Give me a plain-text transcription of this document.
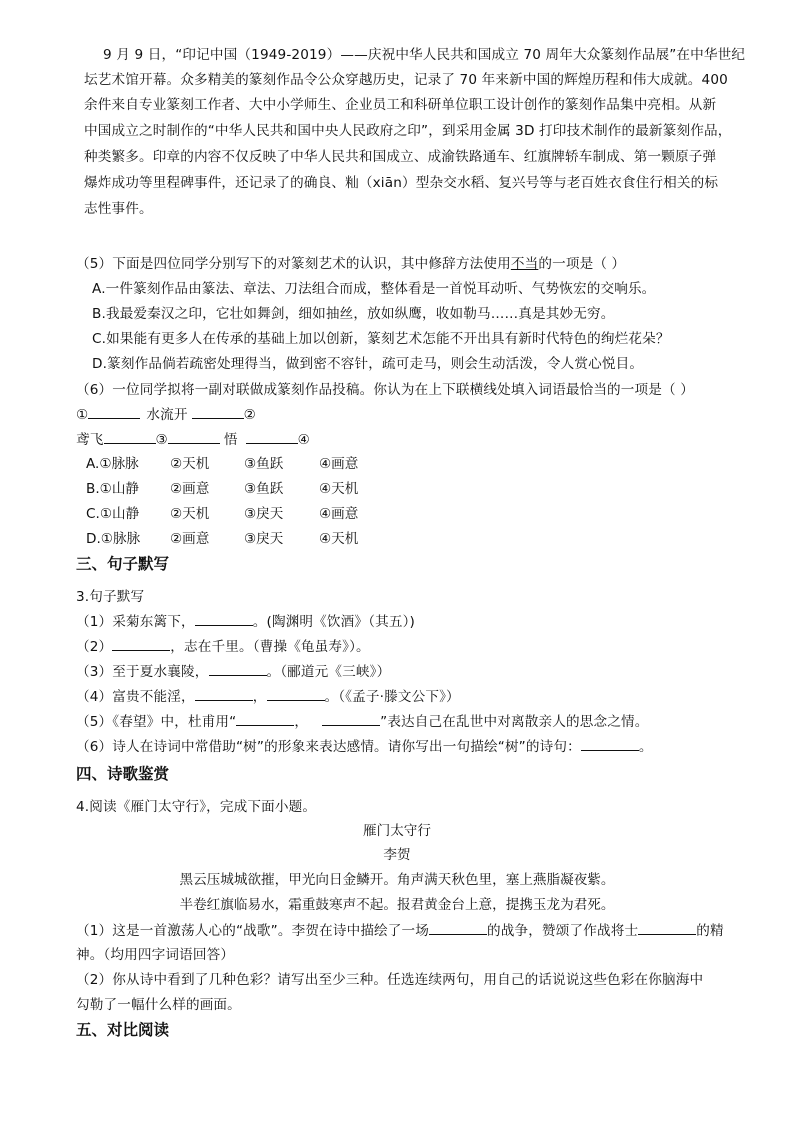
9 月 9 日，“印记中国（1949-2019）——庆祝中华人民共和国成立 70 周年大众篆刻作品展”在中华世纪
坛艺术馆开幕。众多精美的篆刻作品令公众穿越历史，记录了 70 年来新中国的辉煌历程和伟大成就。400
余件来自专业篆刻工作者、大中小学师生、企业员工和科研单位职工设计创作的篆刻作品集中亮相。从新
中国成立之时制作的“中华人民共和国中央人民政府之印”，到采用金属 3D 打印技术制作的最新篆刻作品，
种类繁多。印章的内容不仅反映了中华人民共和国成立、成渝铁路通车、红旗牌轿车制成、第一颗原子弹
爆炸成功等里程碑事件，还记录了的确良、籼（xiān）型杂交水稻、复兴号等与老百姓衣食住行相关的标
志性事件。
（5）下面是四位同学分别写下的对篆刻艺术的认识，其中修辞方法使用不当的一项是（ ）
A.一件篆刻作品由篆法、章法、刀法组合而成，整体看是一首悦耳动听、气势恢宏的交响乐。
B.我最爱秦汉之印，它壮如舞剑，细如抽丝，放如纵鹰，收如勒马……真是其妙无穷。
C.如果能有更多人在传承的基础上加以创新，篆刻艺术怎能不开出具有新时代特色的绚烂花朵？
D.篆刻作品倘若疏密处理得当，做到密不容针，疏可走马，则会生动活泼，令人赏心悦目。
（6）一位同学拟将一副对联做成篆刻作品投稿。你认为在上下联横线处填入词语最恰当的一项是（ ）
①	水流开	②
鸢飞	③	悟	④
A.①脉脉 ②天机	③鱼跃	④画意
B.①山静 ②画意	③鱼跃	④天机
C.①山静 ②天机	③戾天	④画意
D.①脉脉 ②画意	③戾天	④天机
三、句子默写
3.句子默写
（1）采菊东篱下，	。(陶渊明《饮酒》（其五）)
（2）	，志在千里。（曹操《龟虽寿》）。
（3）至于夏水襄陵，	。（郦道元《三峡》）
（4）富贵不能淫，	，	。（《孟子·滕文公下》）
（5）《春望》中，杜甫用“	，	”表达自己在乱世中对离散亲人的思念之情。
（6）诗人在诗词中常借助“树”的形象来表达感情。请你写出一句描绘“树”的诗句：	。
四、诗歌鉴赏
4.阅读《雁门太守行》，完成下面小题。
雁门太守行
李贺
黑云压城城欲摧，甲光向日金鳞开。角声满天秋色里，塞上燕脂凝夜紫。
半卷红旗临易水，霜重鼓寒声不起。报君黄金台上意，提携玉龙为君死。
（1）这是一首激荡人心的“战歌”。李贺在诗中描绘了一场	的战争，赞颂了作战将士	的精
神。（均用四字词语回答）
（2）你从诗中看到了几种色彩？请写出至少三种。任选连续两句，用自己的话说说这些色彩在你脑海中
勾勒了一幅什么样的画面。
五、对比阅读
